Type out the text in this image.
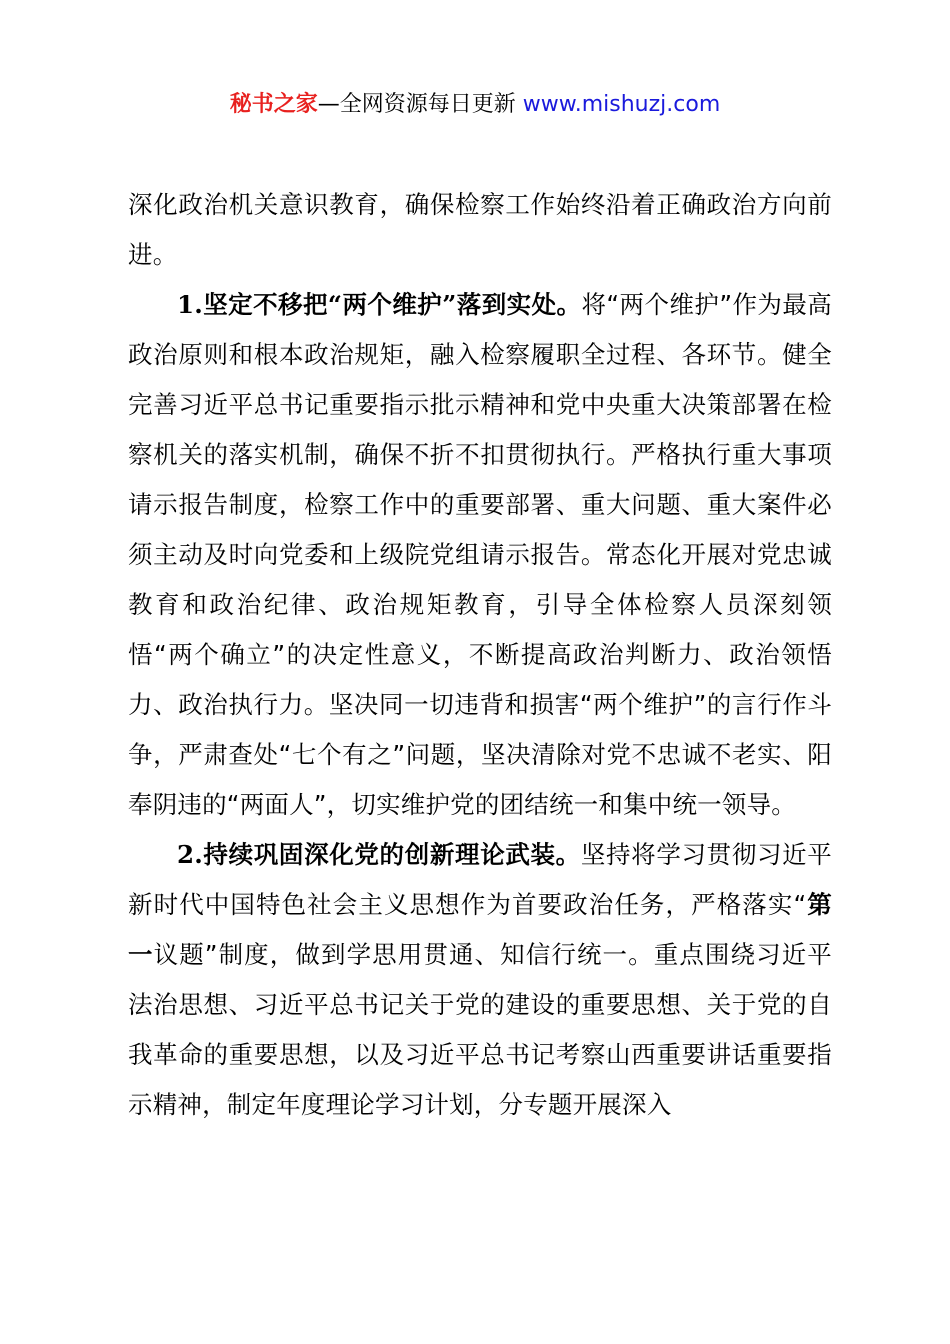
秘书之家—全网资源每日更新 www.mishuzj.com

深化政治机关意识教育，确保检察工作始终沿着正确政治方向前进。

1.坚定不移把“两个维护”落到实处。将“两个维护”作为最高政治原则和根本政治规矩，融入检察履职全过程、各环节。健全完善习近平总书记重要指示批示精神和党中央重大决策部署在检察机关的落实机制，确保不折不扣贯彻执行。严格执行重大事项请示报告制度，检察工作中的重要部署、重大问题、重大案件必须主动及时向党委和上级院党组请示报告。常态化开展对党忠诚教育和政治纪律、政治规矩教育，引导全体检察人员深刻领悟“两个确立”的决定性意义，不断提高政治判断力、政治领悟力、政治执行力。坚决同一切违背和损害“两个维护”的言行作斗争，严肃查处“七个有之”问题，坚决清除对党不忠诚不老实、阳奉阴违的“两面人”，切实维护党的团结统一和集中统一领导。

2.持续巩固深化党的创新理论武装。坚持将学习贯彻习近平新时代中国特色社会主义思想作为首要政治任务，严格落实“第一议题”制度，做到学思用贯通、知信行统一。重点围绕习近平法治思想、习近平总书记关于党的建设的重要思想、关于党的自我革命的重要思想，以及习近平总书记考察山西重要讲话重要指示精神，制定年度理论学习计划，分专题开展深入
